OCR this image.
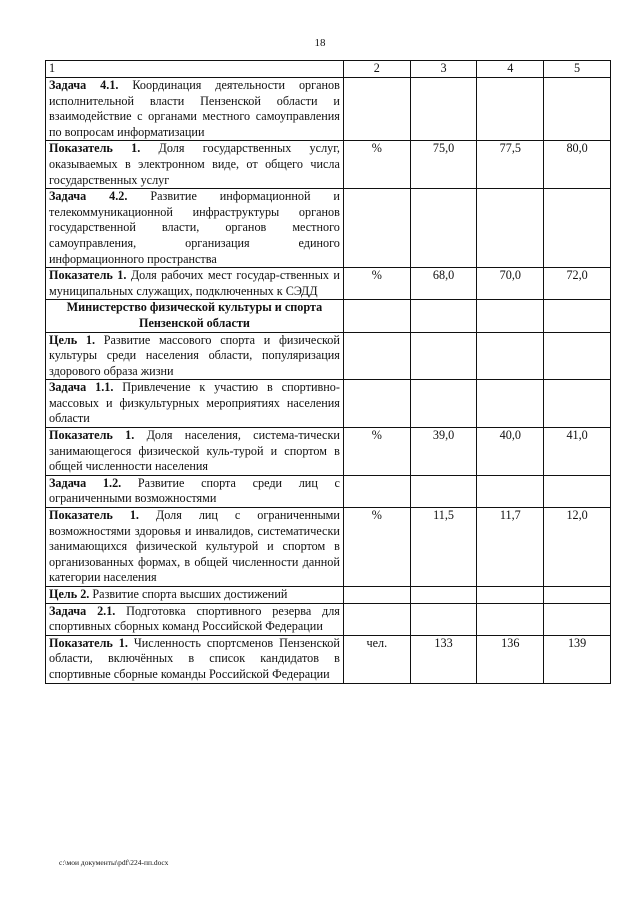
18
1	2	3	4	5
Задача 4.1. Координация деятельности органов исполнительной власти Пензенской области и взаимодействие с органами местного самоуправления по вопросам информатизации				
Показатель 1. Доля государственных услуг, оказываемых в электронном виде, от общего числа государственных услуг	%	75,0	77,5	80,0
Задача 4.2. Развитие информационной и телекоммуникационной инфраструктуры органов государственной власти, органов местного самоуправления, организация единого информационного пространства				
Показатель 1. Доля рабочих мест государ-ственных и муниципальных служащих, подключенных к СЭДД	%	68,0	70,0	72,0
Министерство физической культуры и спорта Пензенской области				
Цель 1. Развитие массового спорта и физической культуры среди населения области, популяризация здорового образа жизни				
Задача 1.1. Привлечение к участию в спортивно-массовых и физкультурных мероприятиях населения области				
Показатель 1. Доля населения, система-тически занимающегося физической куль-турой и спортом в общей численности населения	%	39,0	40,0	41,0
Задача 1.2. Развитие спорта среди лиц с ограниченными возможностями				
Показатель 1. Доля лиц с ограниченными возможностями здоровья и инвалидов, систематически занимающихся физической культурой и спортом в организованных формах, в общей численности данной категории населения	%	11,5	11,7	12,0
Цель 2. Развитие спорта высших достижений				
Задача 2.1. Подготовка спортивного резерва для спортивных сборных команд Российской Федерации				
Показатель 1. Численность спортсменов Пензенской области, включённых в список кандидатов в спортивные сборные команды Российской Федерации	чел.	133	136	139
c:\мои документы\pdf\224-пп.docx
